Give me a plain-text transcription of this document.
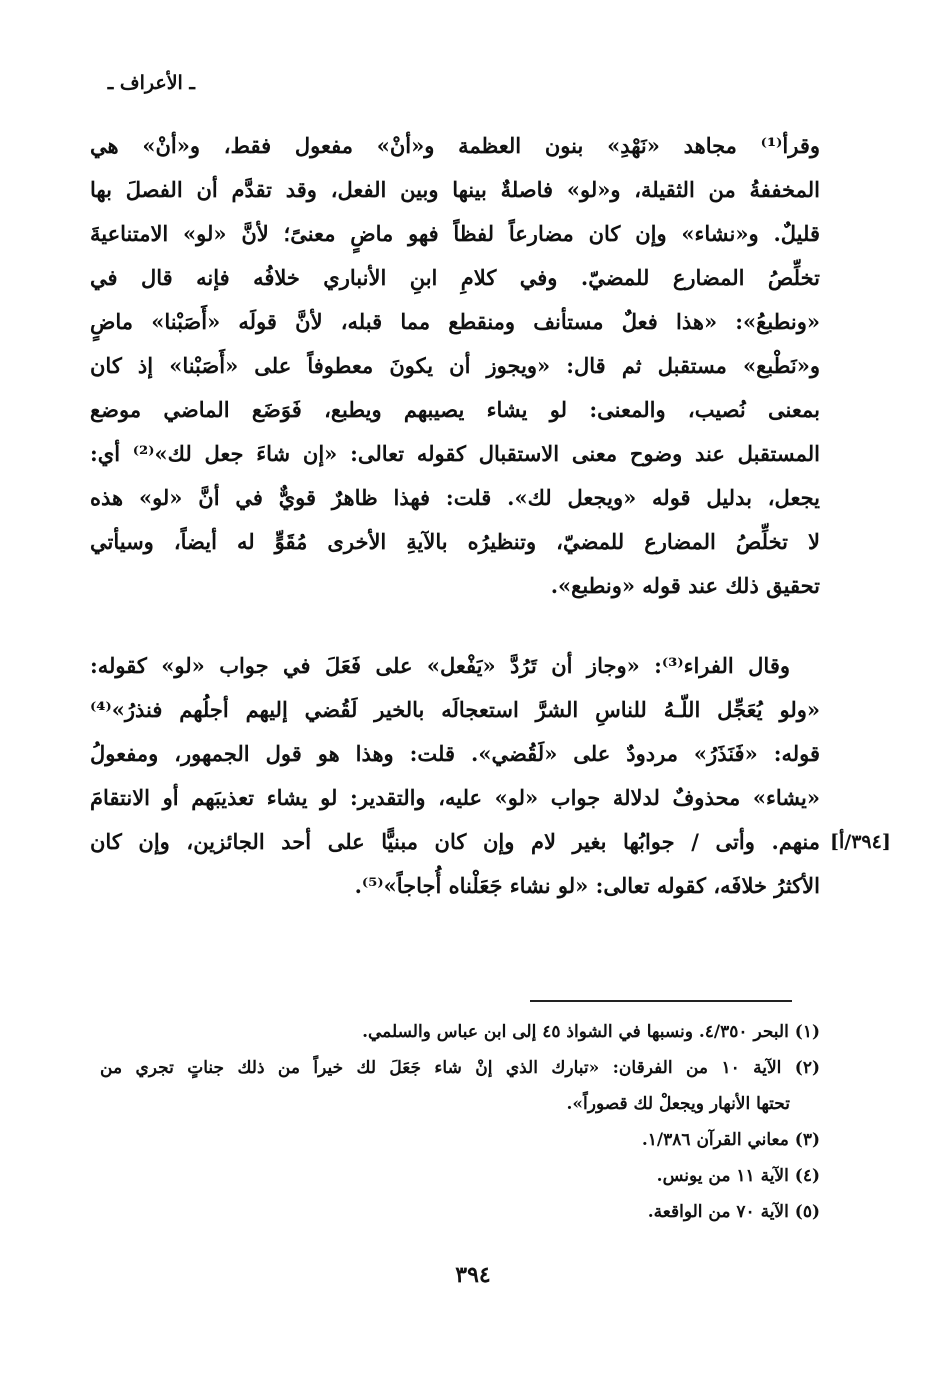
ـ الأعراف ـ
وقرأ⁽¹⁾ مجاهد «نَهْدِ» بنون العظمة و«أنْ» مفعول فقط، و«أنْ» هي
المخففةُ من الثقيلة، و«لو» فاصلةٌ بينها وبين الفعل، وقد تقدَّم أن الفصلَ بها
قليلٌ. و«نشاء» وإن كان مضارعاً لفظاً فهو ماضٍ معنىً؛ لأنَّ «لو» الامتناعيةَ
تخلِّصُ المضارع للمضيّ. وفي كلامِ ابنِ الأنباري خلافُه فإنه قال في
«ونطبعُ»: «هذا فعلٌ مستأنف ومنقطع مما قبله، لأنَّ قولَه «أَصَبْنا» ماضٍ
و«نَطْبع» مستقبل ثم قال: «ويجوز أن يكونَ معطوفاً على «أَصَبْنا» إذ كان
بمعنى نُصيب، والمعنى: لو يشاء يصيبهم ويطبع، فَوَضَع الماضي موضع
المستقبل عند وضوح معنى الاستقبال كقوله تعالى: «إن شاءَ جعل لك»⁽²⁾ أي:
يجعل، بدليل قوله «ويجعل لك». قلت: فهذا ظاهرٌ قويٌّ في أنَّ «لو» هذه
لا تخلِّصُ المضارع للمضيّ، وتنظيرُه بالآيةِ الأخرى مُقَوٍّ له أيضاً، وسيأتي
تحقيق ذلك عند قوله «ونطبع».
وقال الفراء⁽³⁾: «وجاز أن تَرُدَّ «يَفْعل» على فَعَلَ في جواب «لو» كقوله:
«ولو يُعَجِّل اللّـهُ للناسِ الشرَّ استعجالَه بالخير لَقُضي إليهم أجلُهم فنذرُ»⁽⁴⁾
قوله: «فَنَذَرُ» مردودٌ على «لَقُضي». قلت: وهذا هو قول الجمهور، ومفعولُ
«يشاء» محذوفٌ لدلالة جواب «لو» عليه، والتقدير: لو يشاء تعذيبَهم أو الانتقامَ
منهم. وأتى / جوابُها بغير لام وإن كان مبنيًّا على أحد الجائزين، وإن كان
الأكثرُ خلافَه، كقوله تعالى: «لو نشاء جَعَلْناه أُجاجاً»⁽⁵⁾.
[٣٩٤/أ]
(١) البحر ٤/٣٥٠. ونسبها في الشواذ ٤٥ إلى ابن عباس والسلمي.
(٢) الآية ١٠ من الفرقان: «تبارك الذي إنْ شاء جَعَلَ لك خيراً من ذلك جناتٍ تجري من
تحتها الأنهار ويجعلْ لك قصوراً».
(٣) معاني القرآن ١/٣٨٦.
(٤) الآية ١١ من يونس.
(٥) الآية ٧٠ من الواقعة.
٣٩٤
